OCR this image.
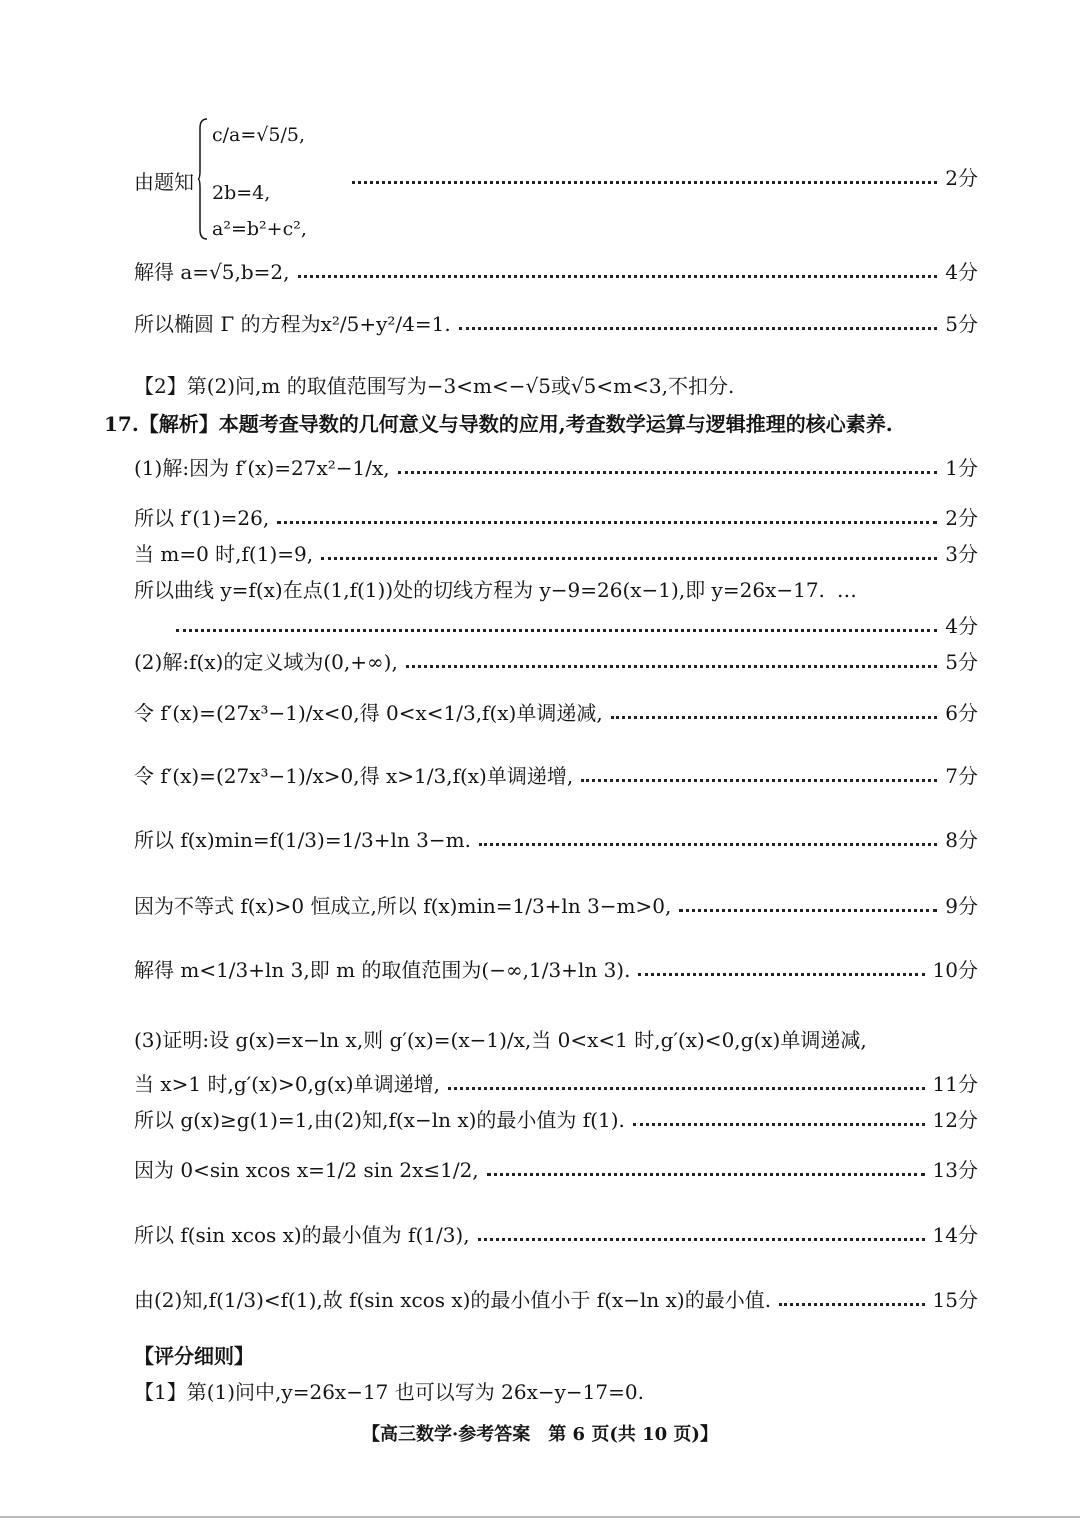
由题知
c/a=√5/5,
2b=4,
a²=b²+c²,
2分
解得 a=√5,b=2,	4分
所以椭圆 Γ 的方程为x²/5+y²/4=1.	5分
【2】第(2)问,m 的取值范围写为−3<m<−√5或√5<m<3,不扣分.
17.【解析】本题考查导数的几何意义与导数的应用,考查数学运算与逻辑推理的核心素养.
(1)解:因为 f′(x)=27x²−1/x,	1分
所以 f′(1)=26,	2分
当 m=0 时,f(1)=9,	3分
所以曲线 y=f(x)在点(1,f(1))处的切线方程为 y−9=26(x−1),即 y=26x−17. …
4分
(2)解:f(x)的定义域为(0,+∞),	5分
令 f′(x)=(27x³−1)/x<0,得 0<x<1/3,f(x)单调递减,	6分
令 f′(x)=(27x³−1)/x>0,得 x>1/3,f(x)单调递增,	7分
所以 f(x)min=f(1/3)=1/3+ln 3−m.	8分
因为不等式 f(x)>0 恒成立,所以 f(x)min=1/3+ln 3−m>0,	9分
解得 m<1/3+ln 3,即 m 的取值范围为(−∞,1/3+ln 3).	10分
(3)证明:设 g(x)=x−ln x,则 g′(x)=(x−1)/x,当 0<x<1 时,g′(x)<0,g(x)单调递减,
当 x>1 时,g′(x)>0,g(x)单调递增,	11分
所以 g(x)≥g(1)=1,由(2)知,f(x−ln x)的最小值为 f(1).	12分
因为 0<sin xcos x=1/2 sin 2x≤1/2,	13分
所以 f(sin xcos x)的最小值为 f(1/3),	14分
由(2)知,f(1/3)<f(1),故 f(sin xcos x)的最小值小于 f(x−ln x)的最小值.	15分
【评分细则】
【1】第(1)问中,y=26x−17 也可以写为 26x−y−17=0.
【高三数学·参考答案　第 6 页(共 10 页)】
